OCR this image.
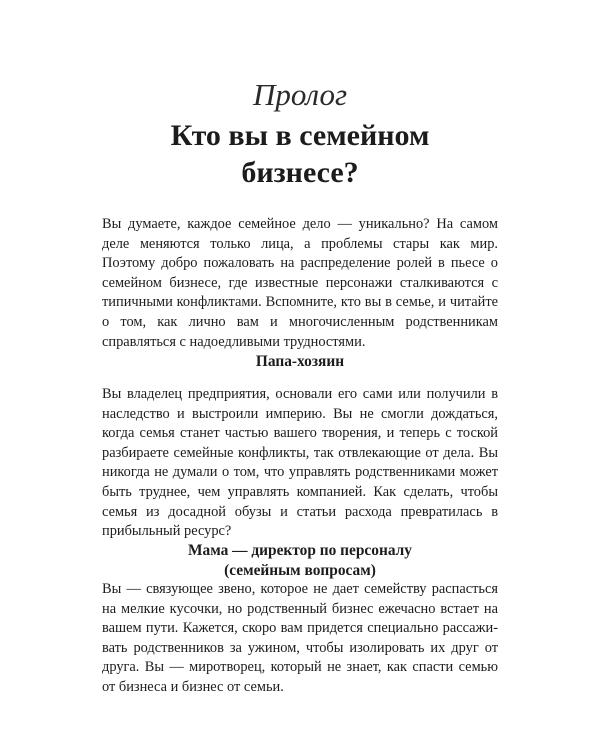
Пролог
Кто вы в семейном
бизнесе?

Вы думаете, каждое семейное дело — уникально? На самом деле меняются только лица, а проблемы стары как мир. Поэтому добро пожаловать на распределение ролей в пьесе о семейном бизнесе, где известные персонажи сталкиваются с типичными конфликтами. Вспомните, кто вы в семье, и читайте о том, как лично вам и многочисленным родственникам справляться с надоедливыми трудностями.

Папа-хозяин

Вы владелец предприятия, основали его сами или получили в наследство и выстроили империю. Вы не смогли дождаться, когда семья станет частью вашего творения, и теперь с тоской разбираете семейные конфликты, так отвлекающие от дела. Вы никогда не думали о том, что управлять родственниками может быть труднее, чем управлять компанией. Как сделать, чтобы семья из досадной обузы и статьи расхода превратилась в прибыльный ресурс?

Мама — директор по персоналу
(семейным вопросам)

Вы — связующее звено, которое не дает семейству распасться на мелкие кусочки, но родственный бизнес ежечасно встает на вашем пути. Кажется, скоро вам придется специально рассаживать родственников за ужином, чтобы изолировать их друг от друга. Вы — миротворец, который не знает, как спасти семью от бизнеса и бизнес от семьи.
